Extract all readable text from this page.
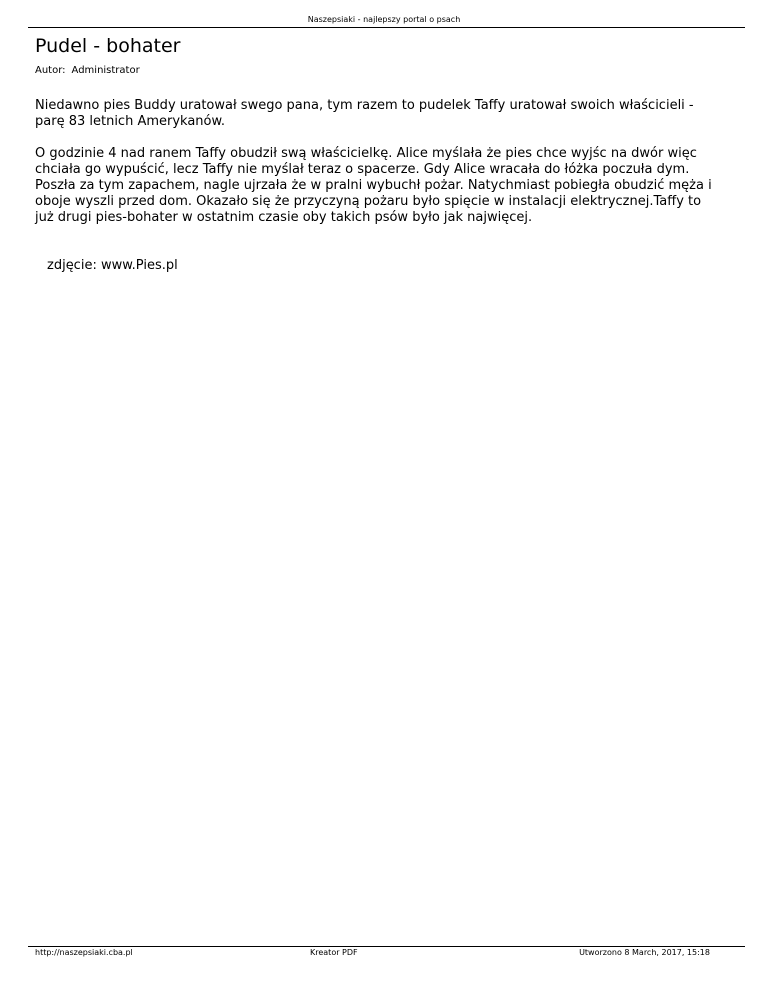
Naszepsiaki - najlepszy portal o psach
Pudel - bohater
Autor: Administrator

Niedawno pies Buddy uratował swego pana, tym razem to pudelek Taffy uratował swoich właścicieli - parę 83 letnich Amerykanów.

O godzinie 4 nad ranem Taffy obudził swą właścicielkę. Alice myślała że pies chce wyjśc na dwór więc chciała go wypuścić, lecz Taffy nie myślał teraz o spacerze. Gdy Alice wracała do łóżka poczuła dym. Poszła za tym zapachem, nagle ujrzała że w pralni wybuchł pożar. Natychmiast pobiegła obudzić męża i oboje wyszli przed dom. Okazało się że przyczyną pożaru było spięcie w instalacji elektrycznej.Taffy to już drugi pies-bohater w ostatnim czasie oby takich psów było jak najwięcej.

zdjęcie: www.Pies.pl
http://naszepsiaki.cba.pl	Kreator PDF	Utworzono 8 March, 2017, 15:18
